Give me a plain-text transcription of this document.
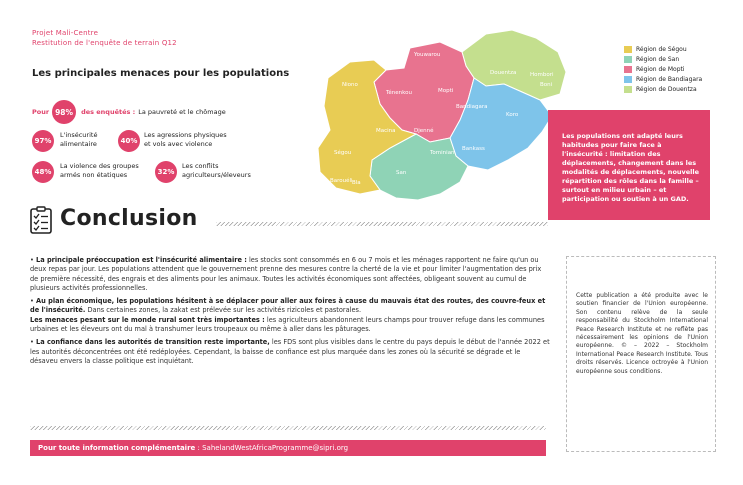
Projet Mali-Centre
Restitution de l'enquête de terrain Q12
Les principales menaces pour les populations
Pour 98%	des enquêtés : La pauvreté et le chômage
97%
L'insécurité
alimentaire	40%
Les agressions physiques
et vols avec violence
48%
La violence des groupes
armés non étatiques	32%
Les conflits
agriculteurs/éleveurs
Youwarou
Douentza Hombori
Boni
Niono
Ténenkou	Mopti
Bandiagara
Koro
Macina	Djenné
Ségou	Tominian
Bankass
Barouéli
San
Bla
Région de Ségou
Région de San
Région de Mopti
Région de Bandiagara
Région de Douentza
Les populations ont adapté leurs habitudes pour faire face à l'insécurité : limitation des déplacements, changement dans les modalités de déplacements, nouvelle répartition des rôles dans la famille – surtout en milieu urbain – et participation ou soutien à un GAD.
Conclusion

• La principale préoccupation est l'insécurité alimentaire : les stocks sont consommés en 6 ou 7 mois et les ménages rapportent ne faire qu'un ou deux repas par jour. Les populations attendent que le gouvernement prenne des mesures contre la cherté de la vie et pour limiter l'augmentation des prix de première nécessité, des engrais et des aliments pour les animaux. Toutes les activités économiques sont affectées, obligeant souvent au cumul de plusieurs activités professionnelles.

• Au plan économique, les populations hésitent à se déplacer pour aller aux foires à cause du mauvais état des routes, des couvre-feux et de l'insécurité. Dans certaines zones, la zakat est prélevée sur les activités rizicoles et pastorales.
Les menaces pesant sur le monde rural sont très importantes : les agriculteurs abandonnent leurs champs pour trouver refuge dans les communes urbaines et les éleveurs ont du mal à transhumer leurs troupeaux ou même à aller dans les pâturages.

• La confiance dans les autorités de transition reste importante, les FDS sont plus visibles dans le centre du pays depuis le début de l'année 2022 et les autorités déconcentrées ont été redéployées. Cependant, la baisse de confiance est plus marquée dans les zones où la sécurité se dégrade et le désaveu envers la classe politique est inquiétant.

Cette publication a été produite avec le soutien financier de l'Union européenne. Son contenu relève de la seule responsabilité du Stockholm International Peace Research Institute et ne reflète pas nécessairement les opinions de l'Union européenne. © – 2022 – Stockholm International Peace Research Institute. Tous droits réservés. Licence octroyée à l'Union européenne sous conditions.
Pour toute information complémentaire : SahelandWestAfricaProgramme@sipri.org
